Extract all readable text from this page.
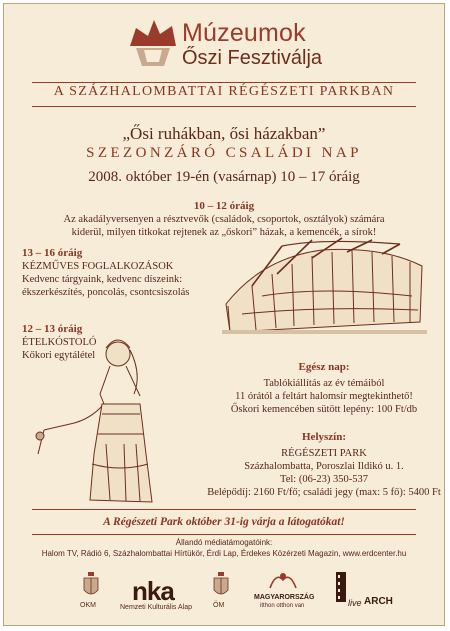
Múzeumok
Őszi Fesztiválja
A SZÁZHALOMBATTAI RÉGÉSZETI PARKBAN
„Ősi ruhákban, ősi házakban”
SZEZONZÁRÓ CSALÁDI NAP
2008. október 19-én (vasárnap) 10 – 17 óráig
10 – 12 óráig
Az akadályversenyen a résztvevők (családok, csoportok, osztályok) számára
kiderül, milyen titkokat rejtenek az „őskori” házak, a kemencék, a sírok!
13 – 16 óráig
KÉZMŰVES FOGLALKOZÁSOK
Kedvenc tárgyaink, kedvenc díszeink:
ékszerkészítés, poncolás, csontcsiszolás
12 – 13 óráig
ÉTELKÓSTOLÓ
Kőkori egytálétel
Egész nap:
Tablókiállítás az év témáiból
11 órától a feltárt halomsír megtekinthető!
Őskori kemencében sütött lepény: 100 Ft/db
Helyszín:
RÉGÉSZETI PARK
Százhalombatta, Poroszlai Ildikó u. 1.
Tel: (06-23) 350-537
Belépődíj: 2160 Ft/fő; családi jegy (max: 5 fő): 5400 Ft
A Régészeti Park október 31-ig várja a látogatókat!
Állandó médiatámogatóink:
Halom TV, Rádió 6, Százhalombattai Hírtükör, Érdi Lap, Érdekes Közérzeti Magazin, www.erdcenter.hu
OKM nka
Nemzeti Kulturális Alap	ÖM
MAGYARORSZÁG
itthon otthon van	live ARCH
